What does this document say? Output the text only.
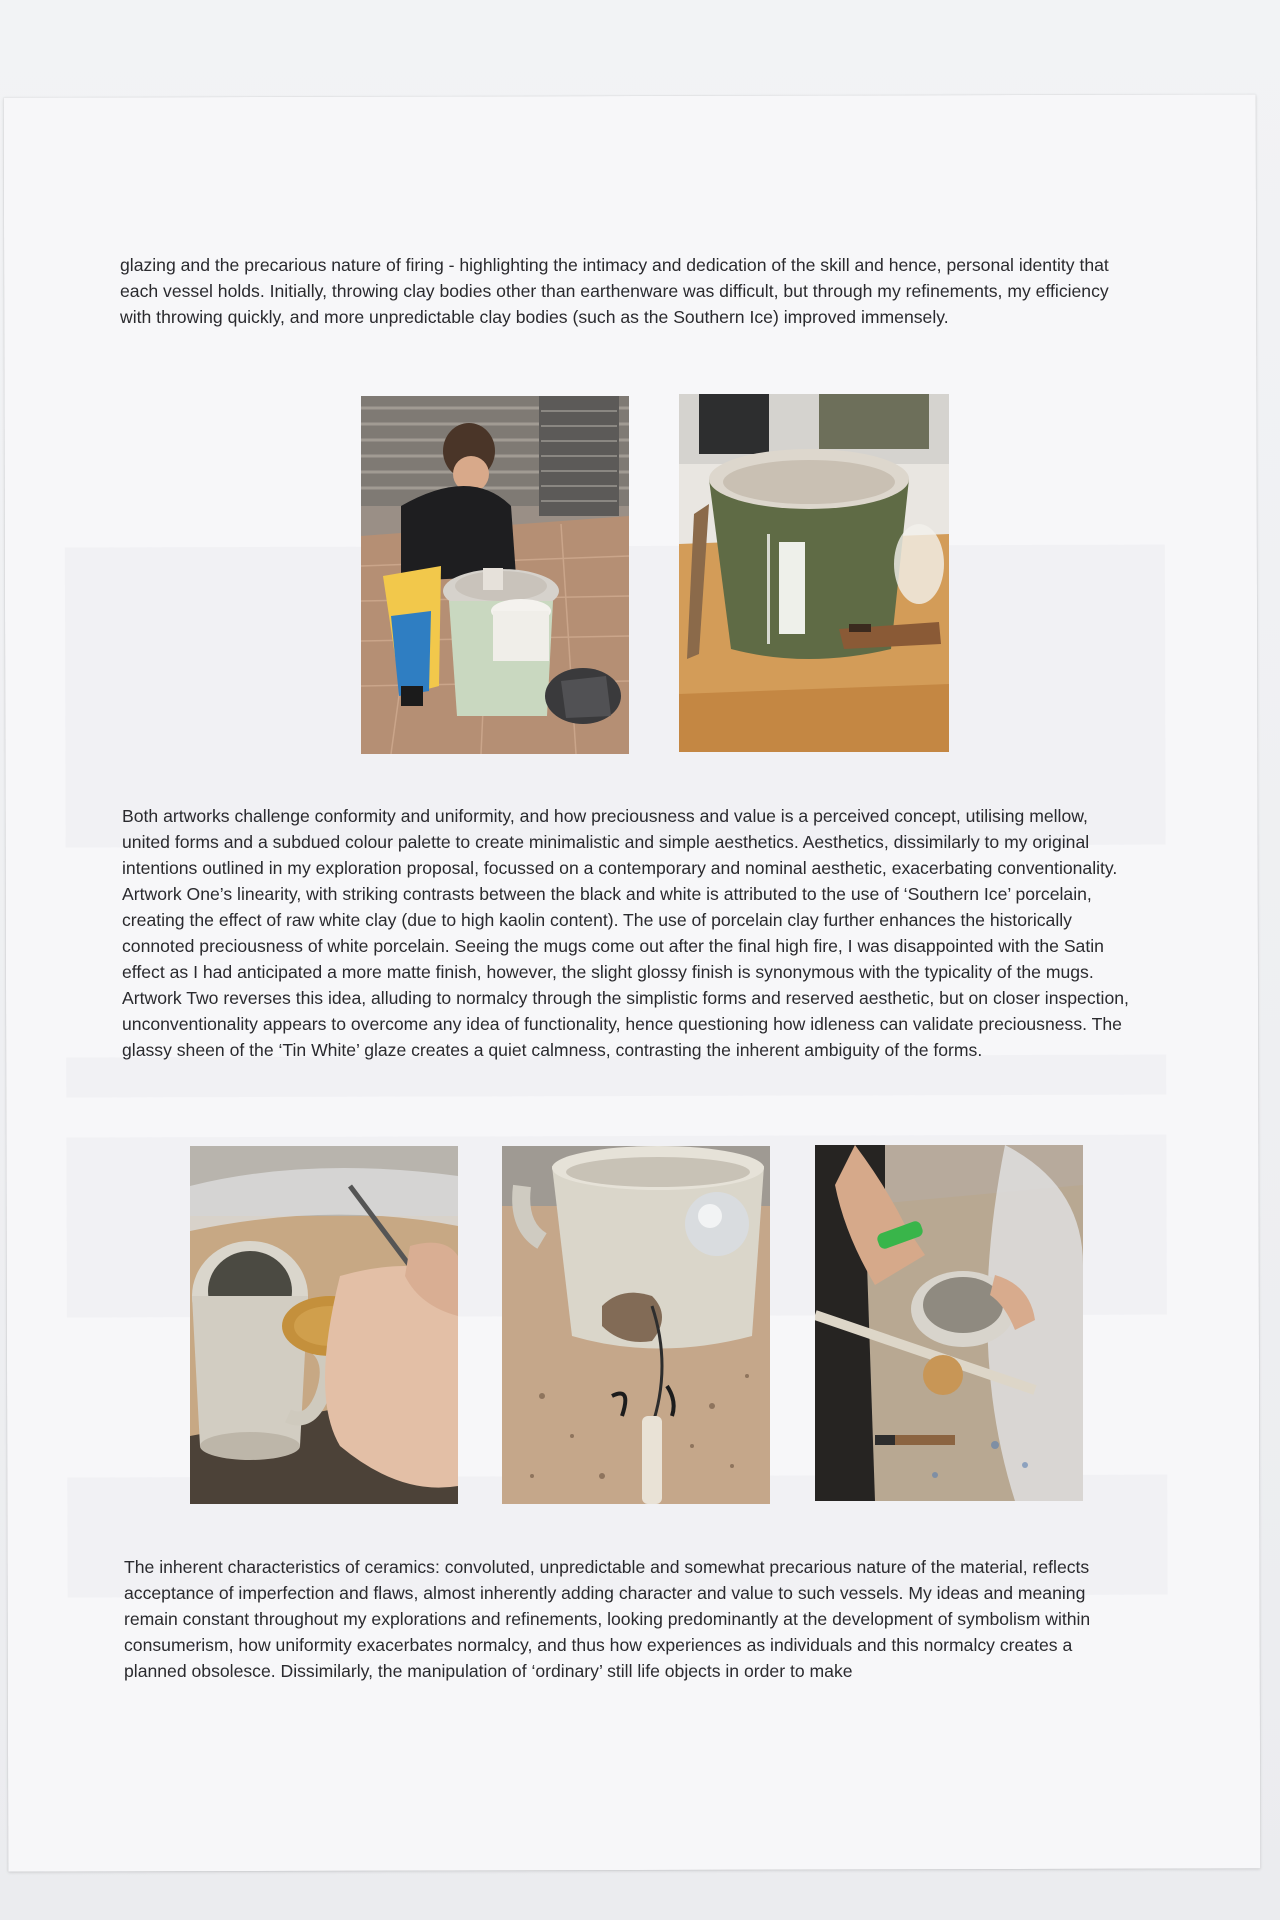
glazing and the precarious nature of firing - highlighting the intimacy and dedication of the skill and hence, personal identity that each vessel holds. Initially, throwing clay bodies other than earthenware was difficult, but through my refinements, my efficiency with throwing quickly, and more unpredictable clay bodies (such as the Southern Ice) improved immensely.

Both artworks challenge conformity and uniformity, and how preciousness and value is a perceived concept, utilising mellow, united forms and a subdued colour palette to create minimalistic and simple aesthetics. Aesthetics, dissimilarly to my original intentions outlined in my exploration proposal, focussed on a contemporary and nominal aesthetic, exacerbating conventionality. Artwork One’s linearity, with striking contrasts between the black and white is attributed to the use of ‘Southern Ice’ porcelain, creating the effect of raw white clay (due to high kaolin content). The use of porcelain clay further enhances the historically connoted preciousness of white porcelain. Seeing the mugs come out after the final high fire, I was disappointed with the Satin effect as I had anticipated a more matte finish, however, the slight glossy finish is synonymous with the typicality of the mugs. Artwork Two reverses this idea, alluding to normalcy through the simplistic forms and reserved aesthetic, but on closer inspection, unconventionality appears to overcome any idea of functionality, hence questioning how idleness can validate preciousness. The glassy sheen of the ‘Tin White’ glaze creates a quiet calmness, contrasting the inherent ambiguity of the forms.

The inherent characteristics of ceramics: convoluted, unpredictable and somewhat precarious nature of the material, reflects acceptance of imperfection and flaws, almost inherently adding character and value to such vessels. My ideas and meaning remain constant throughout my explorations and refinements, looking predominantly at the development of symbolism within consumerism, how uniformity exacerbates normalcy, and thus how experiences as individuals and this normalcy creates a planned obsolesce. Dissimilarly, the manipulation of ‘ordinary’ still life objects in order to make
